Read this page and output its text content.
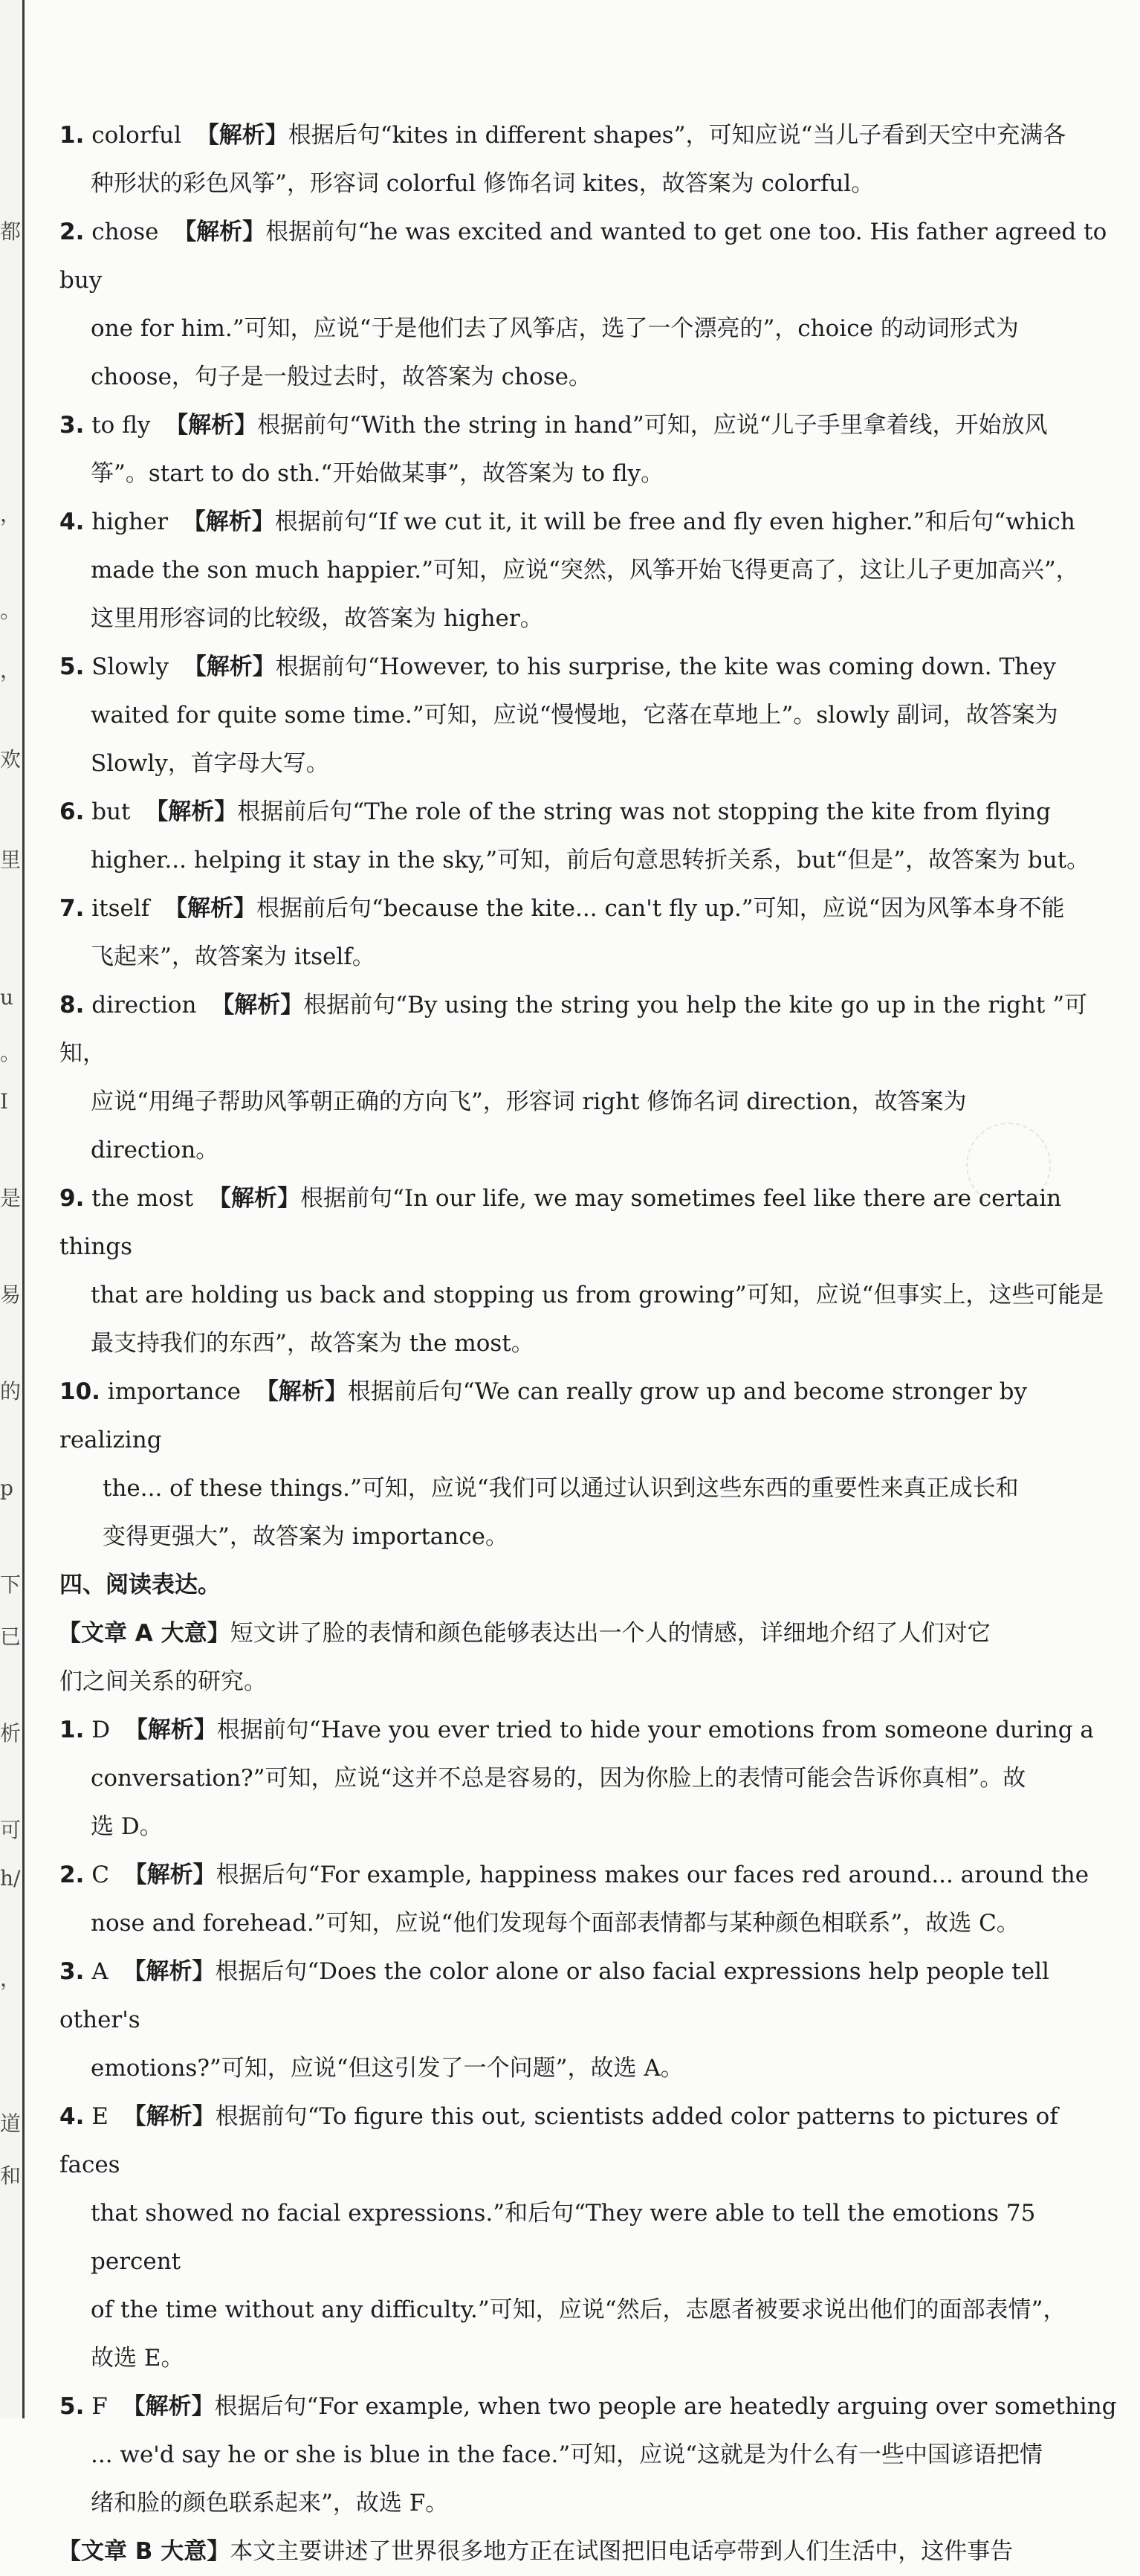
都
，
。
，
欢
里
u
。
I
是
易
的
p
下
已
析
可
h/
，
道
和
1. colorful 【解析】根据后句“kites in different shapes”，可知应说“当儿子看到天空中充满各
种形状的彩色风筝”，形容词 colorful 修饰名词 kites，故答案为 colorful。
2. chose 【解析】根据前句“he was excited and wanted to get one too. His father agreed to buy
one for him.”可知，应说“于是他们去了风筝店，选了一个漂亮的”，choice 的动词形式为
choose，句子是一般过去时，故答案为 chose。
3. to fly 【解析】根据前句“With the string in hand”可知，应说“儿子手里拿着线，开始放风
筝”。start to do sth.“开始做某事”，故答案为 to fly。
4. higher 【解析】根据前句“If we cut it, it will be free and fly even higher.”和后句“which
made the son much happier.”可知，应说“突然，风筝开始飞得更高了，这让儿子更加高兴”，
这里用形容词的比较级，故答案为 higher。
5. Slowly 【解析】根据前句“However, to his surprise, the kite was coming down. They
waited for quite some time.”可知，应说“慢慢地，它落在草地上”。slowly 副词，故答案为
Slowly，首字母大写。
6. but 【解析】根据前后句“The role of the string was not stopping the kite from flying
higher... helping it stay in the sky,”可知，前后句意思转折关系，but“但是”，故答案为 but。
7. itself 【解析】根据前后句“because the kite... can't fly up.”可知，应说“因为风筝本身不能
飞起来”，故答案为 itself。
8. direction 【解析】根据前句“By using the string you help the kite go up in the right ”可知，
应说“用绳子帮助风筝朝正确的方向飞”，形容词 right 修饰名词 direction，故答案为
direction。
9. the most 【解析】根据前句“In our life, we may sometimes feel like there are certain things
that are holding us back and stopping us from growing”可知，应说“但事实上，这些可能是
最支持我们的东西”，故答案为 the most。
10. importance 【解析】根据前后句“We can really grow up and become stronger by realizing
the... of these things.”可知，应说“我们可以通过认识到这些东西的重要性来真正成长和
变得更强大”，故答案为 importance。
四、阅读表达。
【文章 A 大意】短文讲了脸的表情和颜色能够表达出一个人的情感，详细地介绍了人们对它
们之间关系的研究。
1. D 【解析】根据前句“Have you ever tried to hide your emotions from someone during a
conversation?”可知，应说“这并不总是容易的，因为你脸上的表情可能会告诉你真相”。故
选 D。
2. C 【解析】根据后句“For example, happiness makes our faces red around... around the
nose and forehead.”可知，应说“他们发现每个面部表情都与某种颜色相联系”，故选 C。
3. A 【解析】根据后句“Does the color alone or also facial expressions help people tell other's
emotions?”可知，应说“但这引发了一个问题”，故选 A。
4. E 【解析】根据前句“To figure this out, scientists added color patterns to pictures of faces
that showed no facial expressions.”和后句“They were able to tell the emotions 75 percent
of the time without any difficulty.”可知，应说“然后，志愿者被要求说出他们的面部表情”，
故选 E。
5. F 【解析】根据后句“For example, when two people are heatedly arguing over something
... we'd say he or she is blue in the face.”可知，应说“这就是为什么有一些中国谚语把情
绪和脸的颜色联系起来”，故选 F。
【文章 B 大意】本文主要讲述了世界很多地方正在试图把旧电话亭带到人们生活中，这件事告
